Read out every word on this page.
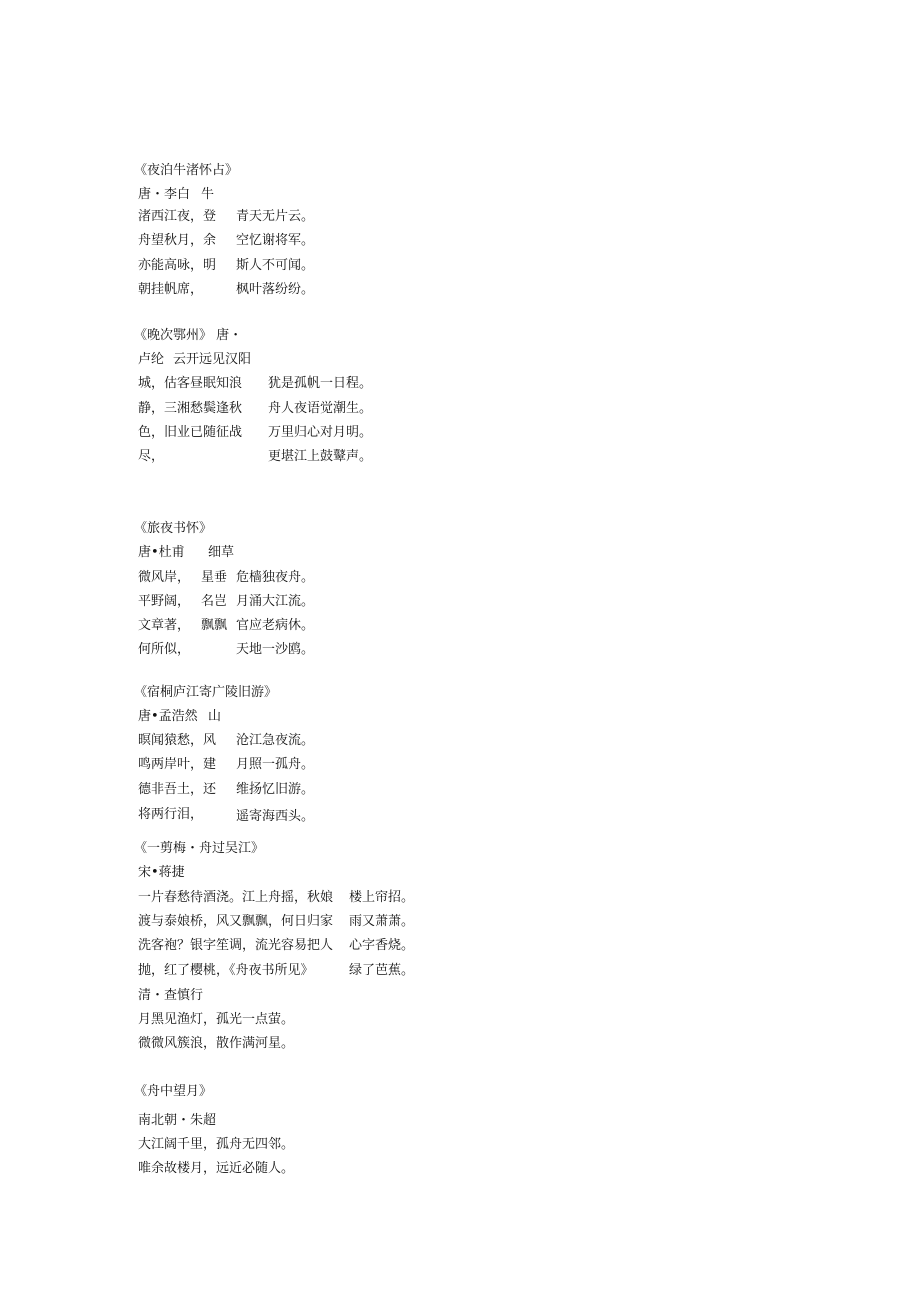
《夜泊牛渚怀占》
唐・李白 牛
渚西江夜，登
舟望秋月，余
亦能高咏，明
朝挂帆席，
青天无片云。
空忆谢将军。
斯人不可闻。
枫叶落纷纷。
《晚次鄂州》 唐・
卢纶 云开远见汉阳
城，估客昼眠知浪
静，三湘愁鬓逢秋
色，旧业已随征战
尽，
犹是孤帆一日程。
舟人夜语觉潮生。
万里归心对月明。
更堪江上鼓鼙声。
《旅夜书怀》
唐•杜甫 细草
微风岸，
平野阔，
文章著，
何所似，
星垂
名岂
飘飘
危樯独夜舟。
月涌大江流。
官应老病休。
天地一沙鸥。
《宿桐庐江寄广陵旧游》
唐•孟浩然 山
暝闻猿愁，风
鸣两岸叶，建
德非吾土，还
将两行泪，
沧江急夜流。
月照一孤舟。
维扬忆旧游。
遥寄海西头。
《一剪梅・舟过吴江》
宋•蒋捷
一片春愁待酒浇。江上舟摇，秋娘
渡与泰娘桥，风又飘飘，何日归家
洗客袍？银字笙调，流光容易把人
抛，红了樱桃，《舟夜书所见》
楼上帘招。
雨又萧萧。
心字香烧。
绿了芭蕉。
清・查慎行
月黑见渔灯，孤光一点萤。
微微风簇浪，散作满河星。
《舟中望月》
南北朝・朱超
大江阔千里，孤舟无四邻。
唯余故楼月，远近必随人。
